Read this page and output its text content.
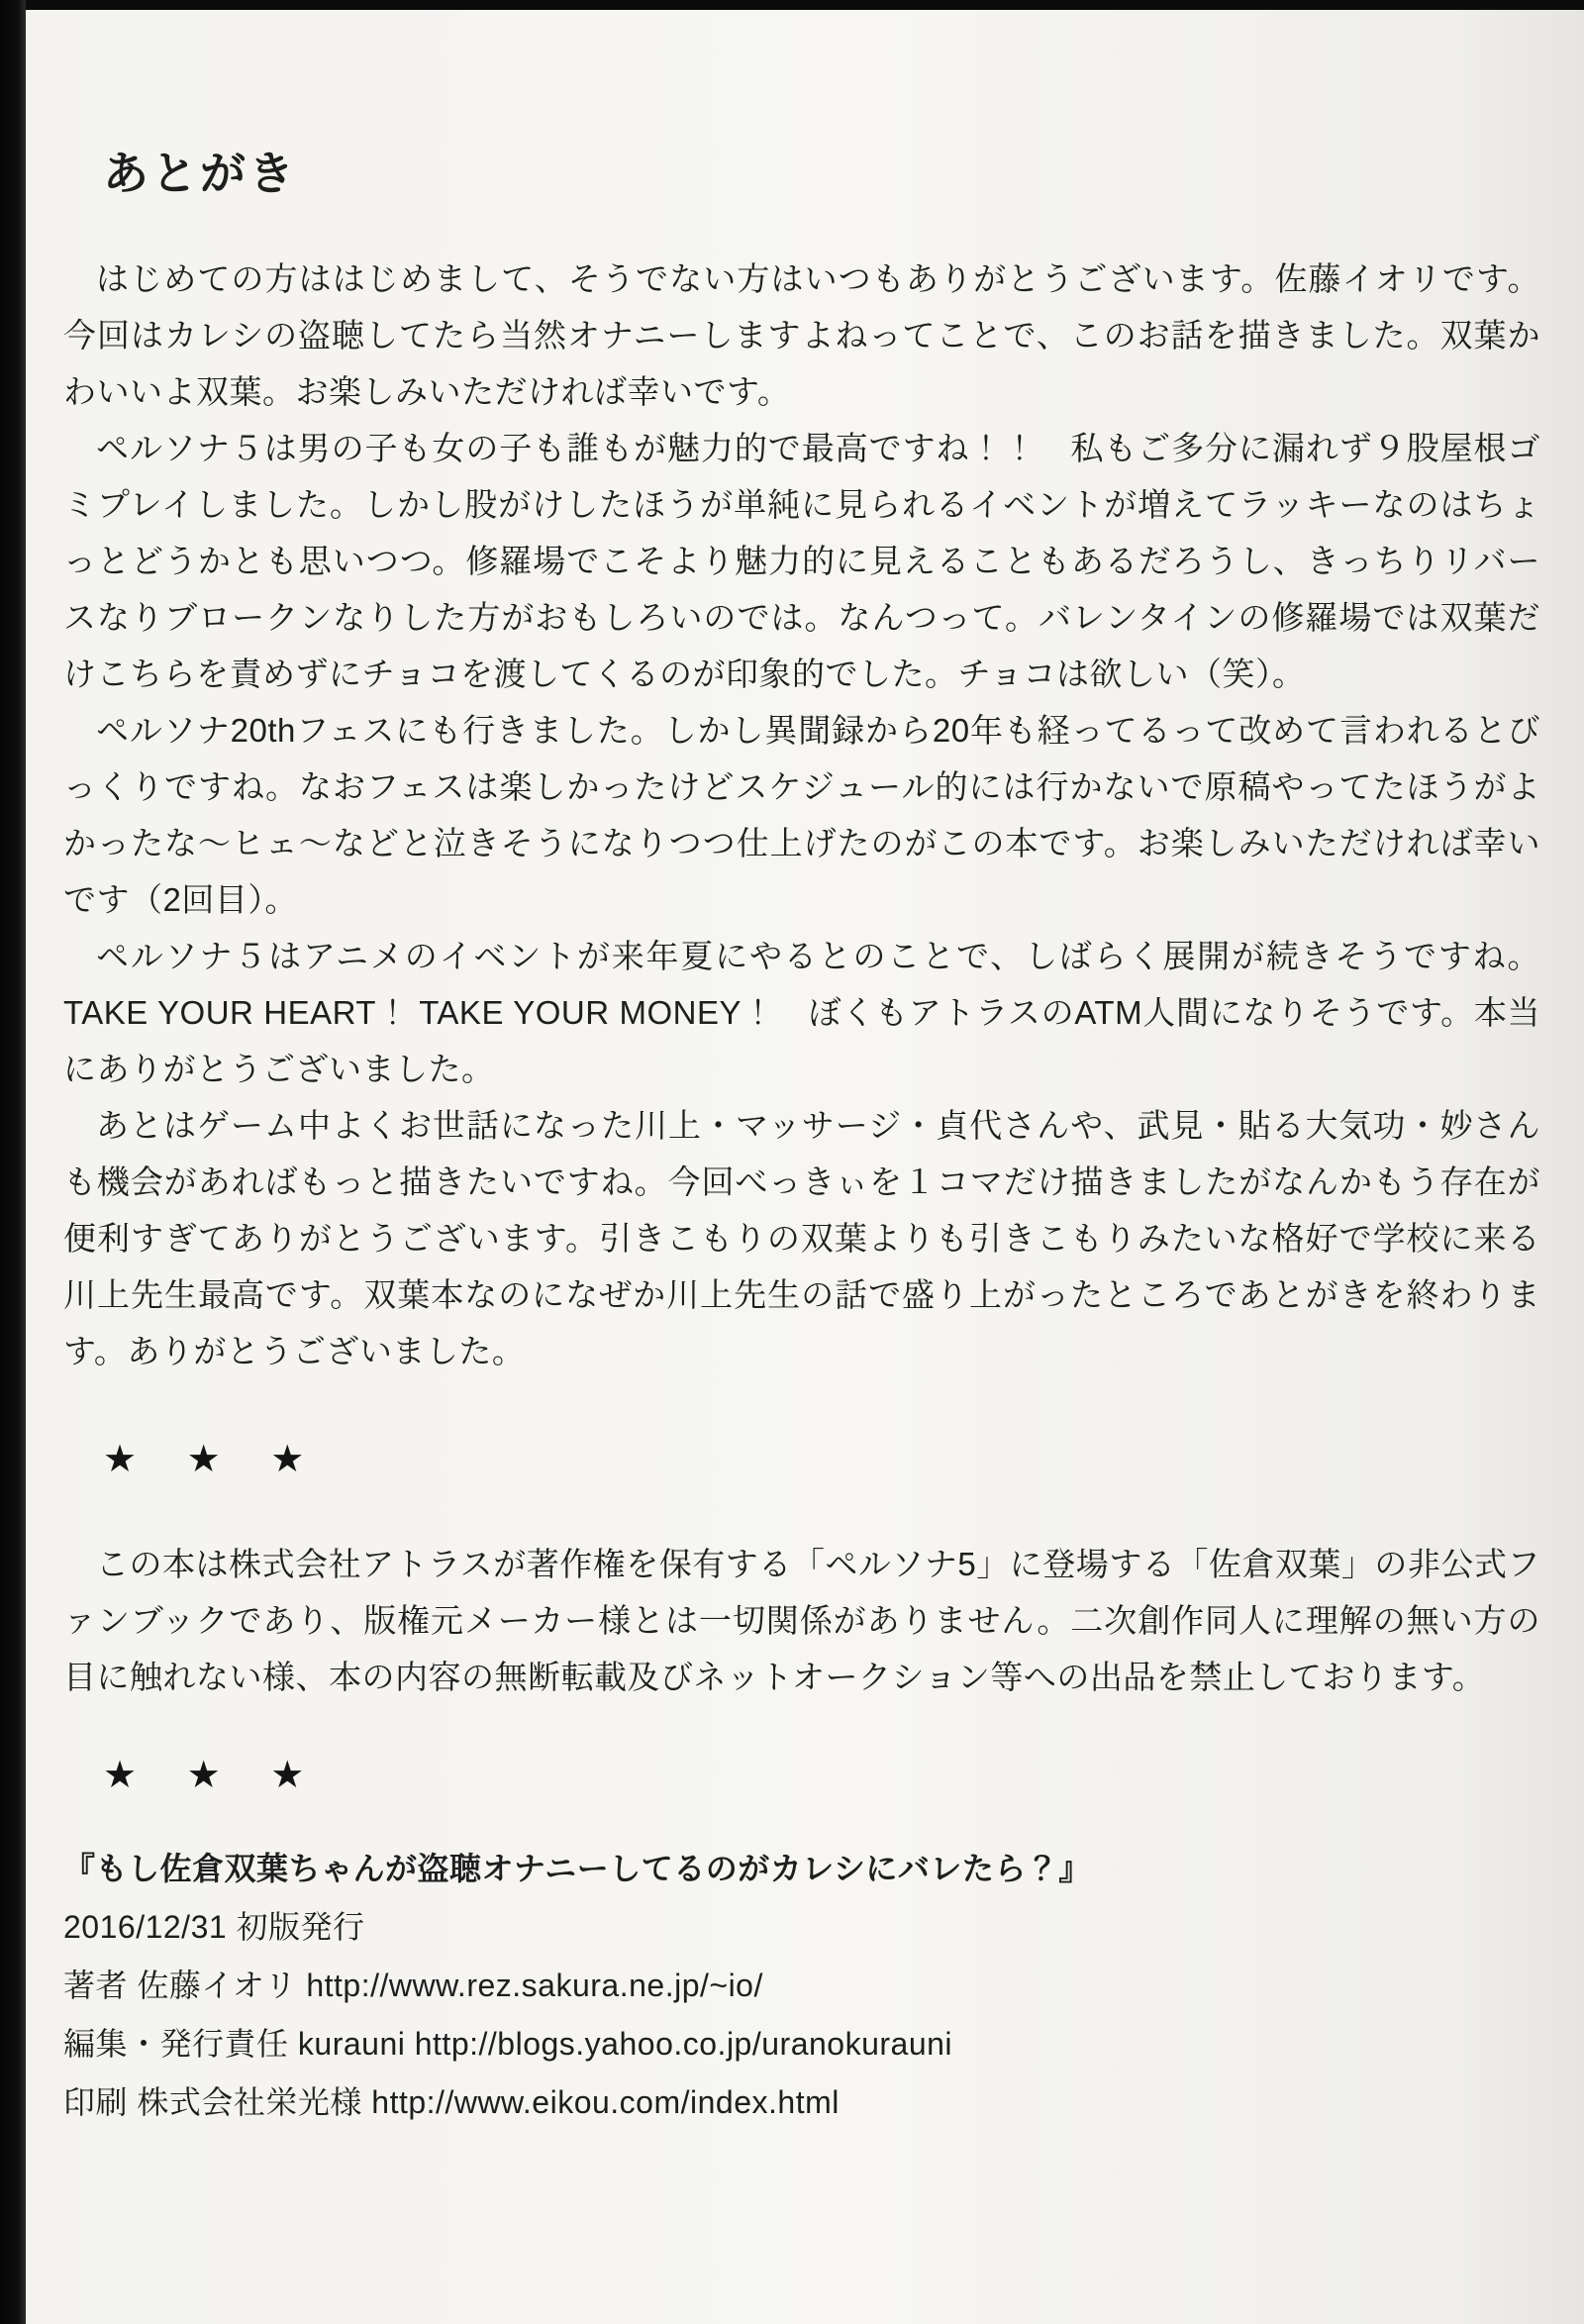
あとがき

はじめての方ははじめまして、そうでない方はいつもありがとうございます。佐藤イオリです。今回はカレシの盗聴してたら当然オナニーしますよねってことで、このお話を描きました。双葉かわいいよ双葉。お楽しみいただければ幸いです。

ペルソナ５は男の子も女の子も誰もが魅力的で最高ですね！！　私もご多分に漏れず９股屋根ゴミプレイしました。しかし股がけしたほうが単純に見られるイベントが増えてラッキーなのはちょっとどうかとも思いつつ。修羅場でこそより魅力的に見えることもあるだろうし、きっちりリバースなりブロークンなりした方がおもしろいのでは。なんつって。バレンタインの修羅場では双葉だけこちらを責めずにチョコを渡してくるのが印象的でした。チョコは欲しい（笑）。

ペルソナ20thフェスにも行きました。しかし異聞録から20年も経ってるって改めて言われるとびっくりですね。なおフェスは楽しかったけどスケジュール的には行かないで原稿やってたほうがよかったな〜ヒェ〜などと泣きそうになりつつ仕上げたのがこの本です。お楽しみいただければ幸いです（2回目）。

ペルソナ５はアニメのイベントが来年夏にやるとのことで、しばらく展開が続きそうですね。TAKE YOUR HEART！ TAKE YOUR MONEY！　ぼくもアトラスのATM人間になりそうです。本当にありがとうございました。

あとはゲーム中よくお世話になった川上・マッサージ・貞代さんや、武見・貼る大気功・妙さんも機会があればもっと描きたいですね。今回べっきぃを１コマだけ描きましたがなんかもう存在が便利すぎてありがとうございます。引きこもりの双葉よりも引きこもりみたいな格好で学校に来る川上先生最高です。双葉本なのになぜか川上先生の話で盛り上がったところであとがきを終わります。ありがとうございました。

★ ★ ★

この本は株式会社アトラスが著作権を保有する「ペルソナ5」に登場する「佐倉双葉」の非公式ファンブックであり、版権元メーカー様とは一切関係がありません。二次創作同人に理解の無い方の目に触れない様、本の内容の無断転載及びネットオークション等への出品を禁止しております。

★ ★ ★

『もし佐倉双葉ちゃんが盗聴オナニーしてるのがカレシにバレたら？』

2016/12/31 初版発行

著者 佐藤イオリ http://www.rez.sakura.ne.jp/~io/

編集・発行責任 kurauni http://blogs.yahoo.co.jp/uranokurauni

印刷 株式会社栄光様 http://www.eikou.com/index.html
